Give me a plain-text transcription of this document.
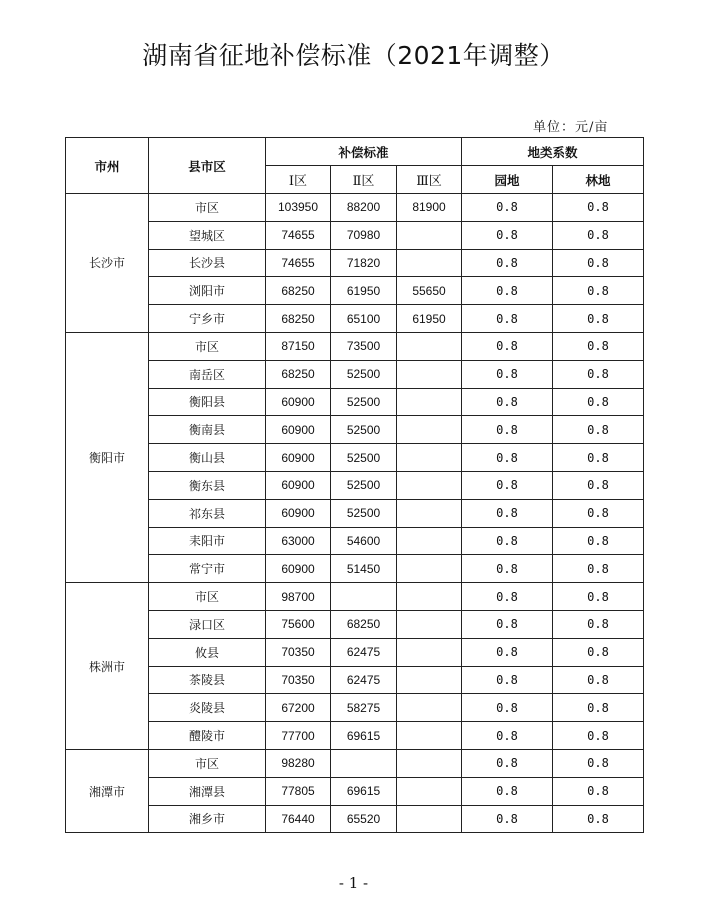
湖南省征地补偿标准（2021年调整）
单位：元/亩
市州	县市区	补偿标准			地类系数	
		Ⅰ区	Ⅱ区	Ⅲ区	园地	林地
长沙市	市区	103950	88200	81900	0.8	0.8
	望城区	74655	70980		0.8	0.8
	长沙县	74655	71820		0.8	0.8
	浏阳市	68250	61950	55650	0.8	0.8
	宁乡市	68250	65100	61950	0.8	0.8
衡阳市	市区	87150	73500		0.8	0.8
	南岳区	68250	52500		0.8	0.8
	衡阳县	60900	52500		0.8	0.8
	衡南县	60900	52500		0.8	0.8
	衡山县	60900	52500		0.8	0.8
	衡东县	60900	52500		0.8	0.8
	祁东县	60900	52500		0.8	0.8
	耒阳市	63000	54600		0.8	0.8
	常宁市	60900	51450		0.8	0.8
株洲市	市区	98700			0.8	0.8
	渌口区	75600	68250		0.8	0.8
	攸县	70350	62475		0.8	0.8
	茶陵县	70350	62475		0.8	0.8
	炎陵县	67200	58275		0.8	0.8
	醴陵市	77700	69615		0.8	0.8
湘潭市	市区	98280			0.8	0.8
	湘潭县	77805	69615		0.8	0.8
	湘乡市	76440	65520		0.8	0.8
- 1 -
